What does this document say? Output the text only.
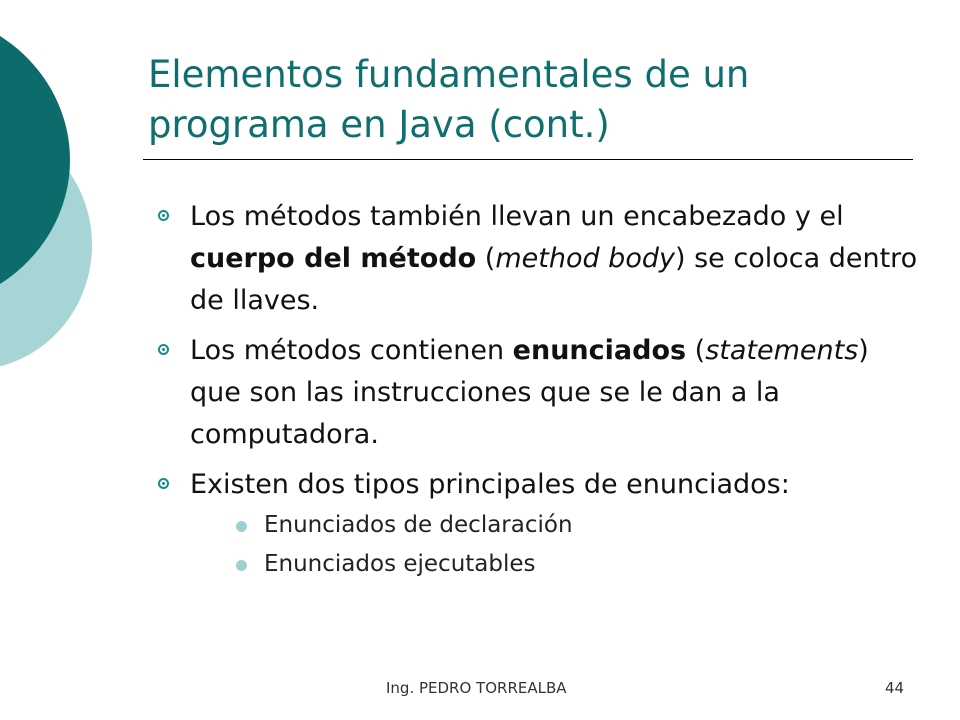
Elementos fundamentales de un programa en Java (cont.)
Los métodos también llevan un encabezado y el cuerpo del método (method body) se coloca dentro de llaves.
Los métodos contienen enunciados (statements) que son las instrucciones que se le dan a la computadora.
Existen dos tipos principales de enunciados:
Enunciados de declaración
Enunciados ejecutables
Ing. PEDRO TORREALBA	44
